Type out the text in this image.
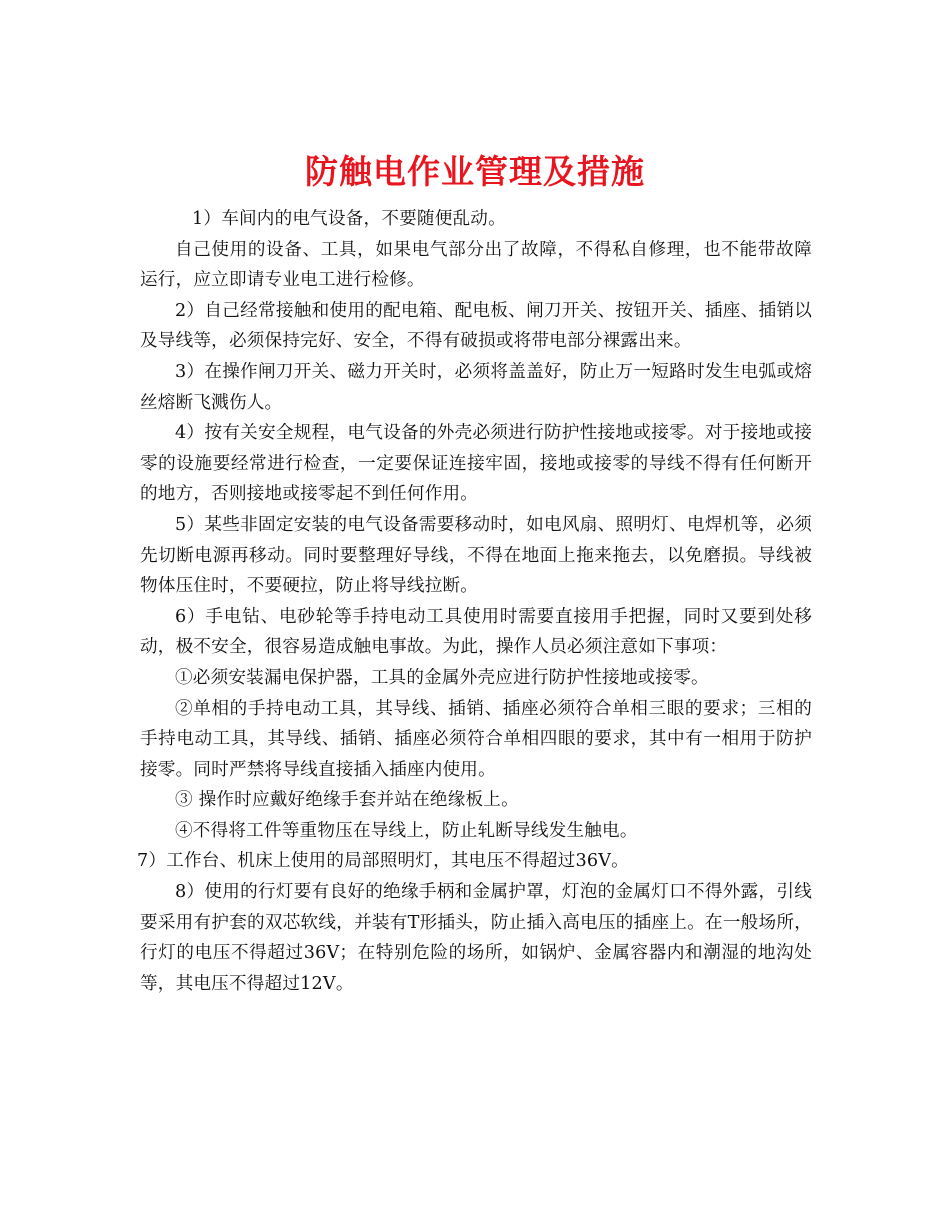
防触电作业管理及措施

1）车间内的电气设备，不要随便乱动。

自己使用的设备、工具，如果电气部分出了故障，不得私自修理，也不能带故障运行，应立即请专业电工进行检修。

2）自己经常接触和使用的配电箱、配电板、闸刀开关、按钮开关、插座、插销以及导线等，必须保持完好、安全，不得有破损或将带电部分裸露出来。

3）在操作闸刀开关、磁力开关时，必须将盖盖好，防止万一短路时发生电弧或熔丝熔断飞溅伤人。

4）按有关安全规程，电气设备的外壳必须进行防护性接地或接零。对于接地或接零的设施要经常进行检查，一定要保证连接牢固，接地或接零的导线不得有任何断开的地方，否则接地或接零起不到任何作用。

5）某些非固定安装的电气设备需要移动时，如电风扇、照明灯、电焊机等，必须先切断电源再移动。同时要整理好导线，不得在地面上拖来拖去，以免磨损。导线被物体压住时，不要硬拉，防止将导线拉断。

6）手电钻、电砂轮等手持电动工具使用时需要直接用手把握，同时又要到处移动，极不安全，很容易造成触电事故。为此，操作人员必须注意如下事项：

①必须安装漏电保护器，工具的金属外壳应进行防护性接地或接零。

②单相的手持电动工具，其导线、插销、插座必须符合单相三眼的要求；三相的手持电动工具，其导线、插销、插座必须符合单相四眼的要求，其中有一相用于防护接零。同时严禁将导线直接插入插座内使用。

③ 操作时应戴好绝缘手套并站在绝缘板上。

④不得将工件等重物压在导线上，防止轧断导线发生触电。

7）工作台、机床上使用的局部照明灯，其电压不得超过36V。

8）使用的行灯要有良好的绝缘手柄和金属护罩，灯泡的金属灯口不得外露，引线要采用有护套的双芯软线，并装有T形插头，防止插入高电压的插座上。在一般场所，行灯的电压不得超过36V；在特别危险的场所，如锅炉、金属容器内和潮湿的地沟处等，其电压不得超过12V。
